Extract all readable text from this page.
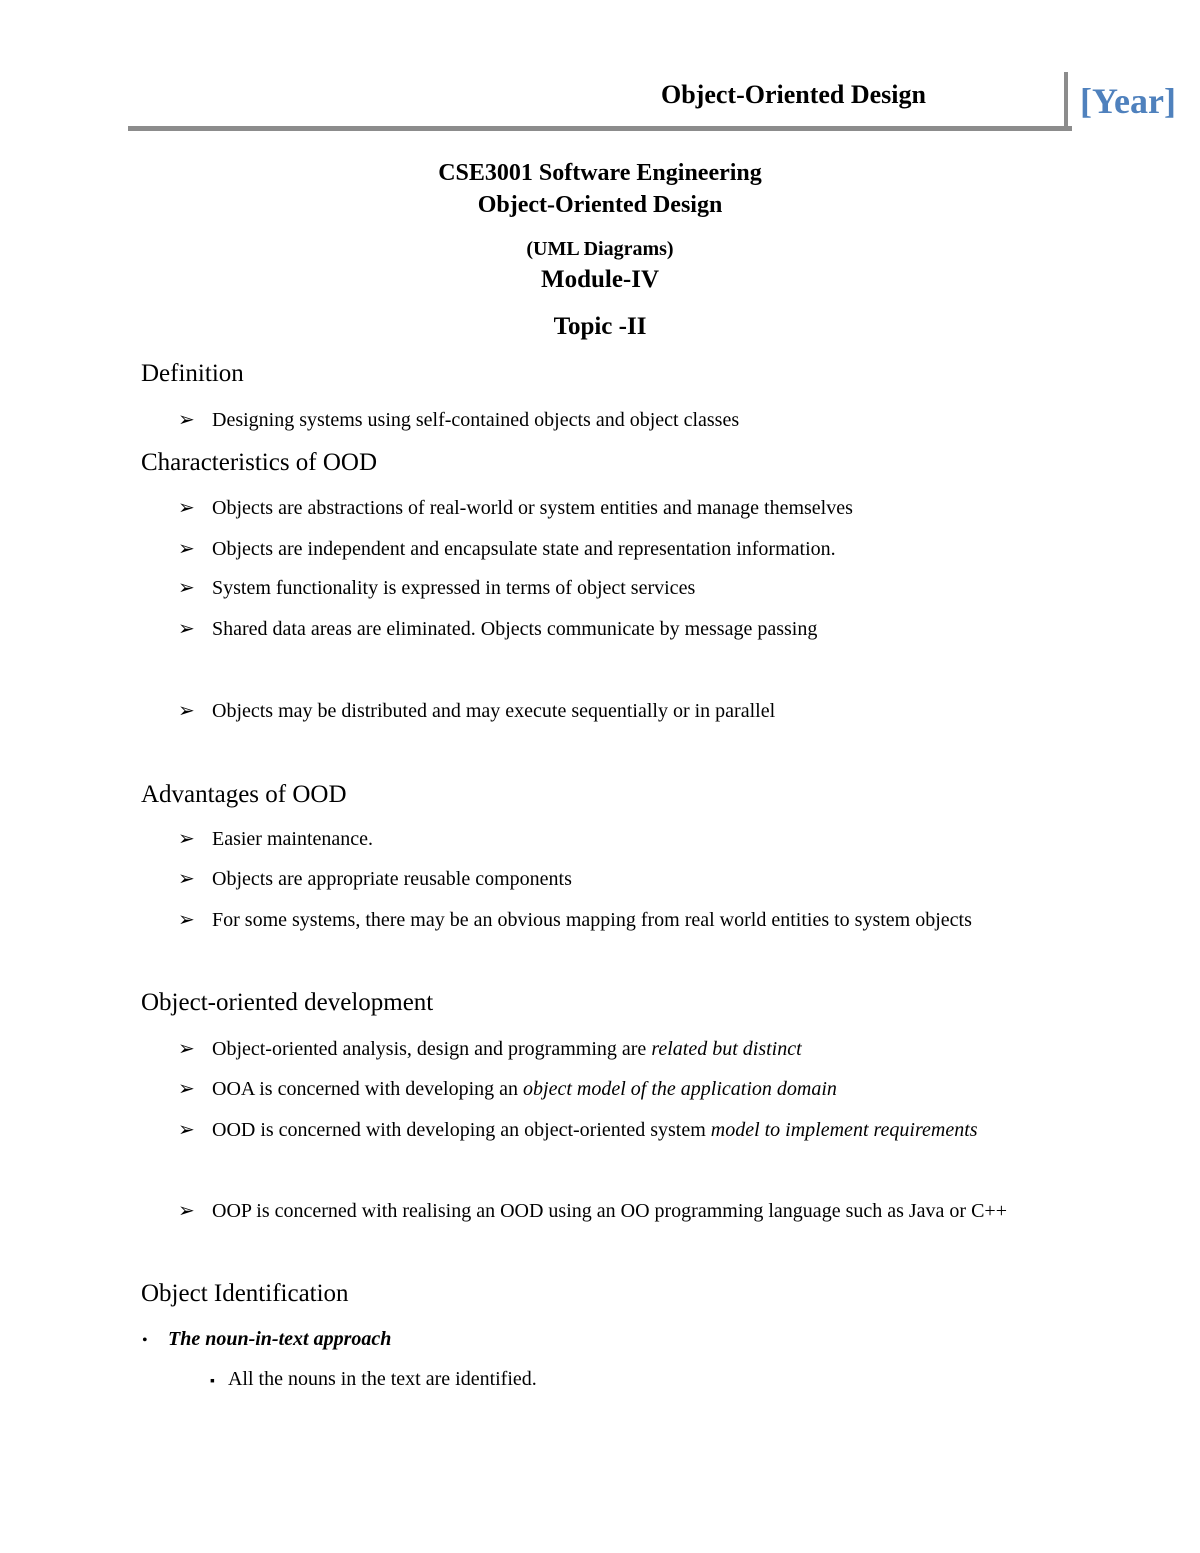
Object-Oriented Design	[Year]
CSE3001 Software Engineering
Object-Oriented Design
(UML Diagrams)
Module-IV
Topic -II
Definition
➢ Designing systems using self-contained objects and object classes
Characteristics of OOD
➢ Objects are abstractions of real-world or system entities and manage themselves
➢ Objects are independent and encapsulate state and representation information.
➢ System functionality is expressed in terms of object services
➢ Shared data areas are eliminated. Objects communicate by message passing
➢ Objects may be distributed and may execute sequentially or in parallel
Advantages of OOD
➢ Easier maintenance.
➢ Objects are appropriate reusable components
➢ For some systems, there may be an obvious mapping from real world entities to system objects
Object-oriented development
➢ Object-oriented analysis, design and programming are related but distinct
➢ OOA is concerned with developing an object model of the application domain
➢ OOD is concerned with developing an object-oriented system model to implement requirements
➢ OOP is concerned with realising an OOD using an OO programming language such as Java or C++
Object Identification
• The noun-in-text approach
▪ All the nouns in the text are identified.
